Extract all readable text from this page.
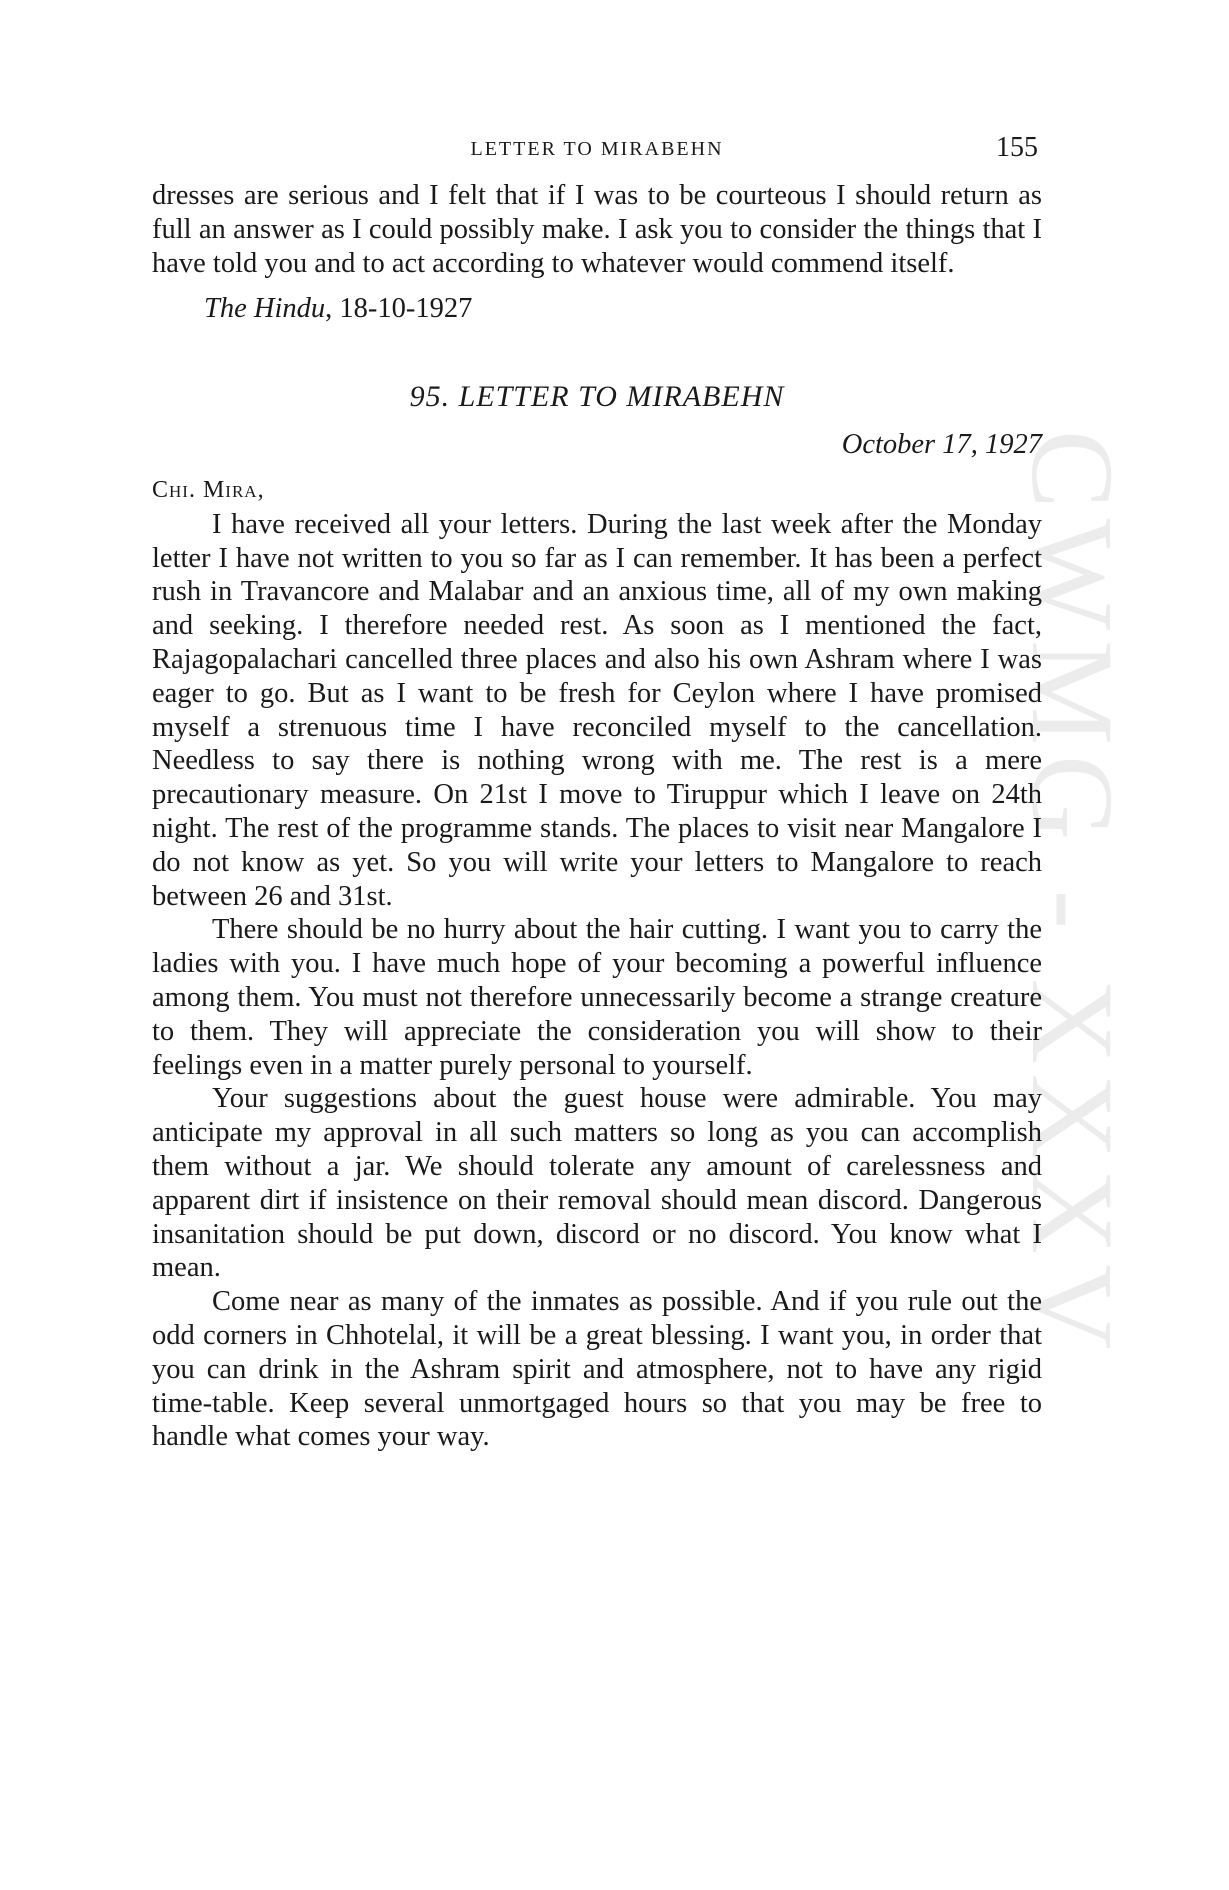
CWMG - XXXV
LETTER TO MIRABEHN	155

dresses are serious and I felt that if I was to be courteous I should return as full an answer as I could possibly make. I ask you to consider the things that I have told you and to act according to whatever would commend itself.

The Hindu, 18-10-1927
95. LETTER TO MIRABEHN
October 17, 1927
Chi. Mira,

I have received all your letters. During the last week after the Monday letter I have not written to you so far as I can remember. It has been a perfect rush in Travancore and Malabar and an anxious time, all of my own making and seeking. I therefore needed rest. As soon as I mentioned the fact, Rajagopalachari cancelled three places and also his own Ashram where I was eager to go. But as I want to be fresh for Ceylon where I have promised myself a strenuous time I have reconciled myself to the cancellation. Needless to say there is nothing wrong with me. The rest is a mere precautionary measure. On 21st I move to Tiruppur which I leave on 24th night. The rest of the programme stands. The places to visit near Mangalore I do not know as yet. So you will write your letters to Mangalore to reach between 26 and 31st.

There should be no hurry about the hair cutting. I want you to carry the ladies with you. I have much hope of your becoming a powerful influence among them. You must not therefore unnecessarily become a strange creature to them. They will appreciate the consideration you will show to their feelings even in a matter purely personal to yourself.

Your suggestions about the guest house were admirable. You may anticipate my approval in all such matters so long as you can accomplish them without a jar. We should tolerate any amount of carelessness and apparent dirt if insistence on their removal should mean discord. Dangerous insanitation should be put down, discord or no discord. You know what I mean.

Come near as many of the inmates as possible. And if you rule out the odd corners in Chhotelal, it will be a great blessing. I want you, in order that you can drink in the Ashram spirit and atmosphere, not to have any rigid time-table. Keep several unmortgaged hours so that you may be free to handle what comes your way.
